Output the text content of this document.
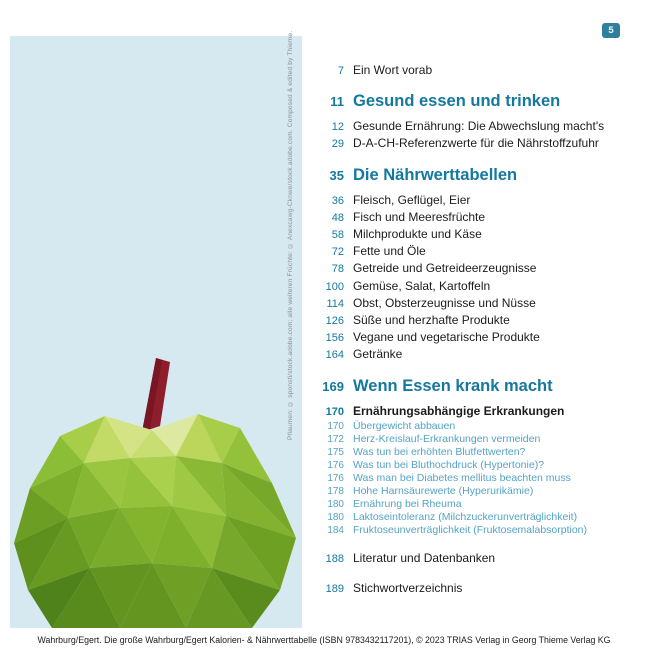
Pflaumen: © sponsti/stock.adobe.com; alle weiteren Früchte: © Anexcawg-Cknwe/stock.adobe.com. Composed & edited by Thieme.
5
7 Ein Wort vorab
11 Gesund essen und trinken
12 Gesunde Ernährung: Die Abwechslung macht's
29 D-A-CH-Referenzwerte für die Nährstoffzufuhr
35 Die Nährwerttabellen
36 Fleisch, Geflügel, Eier
48 Fisch und Meeresfrüchte
58 Milchprodukte und Käse
72 Fette und Öle
78 Getreide und Getreideerzeugnisse
100 Gemüse, Salat, Kartoffeln
114 Obst, Obsterzeugnisse und Nüsse
126 Süße und herzhafte Produkte
156 Vegane und vegetarische Produkte
164 Getränke
169 Wenn Essen krank macht
170 Ernährungsabhängige Erkrankungen
170 Übergewicht abbauen
172 Herz-Kreislauf-Erkrankungen vermeiden
175 Was tun bei erhöhten Blutfettwerten?
176 Was tun bei Bluthochdruck (Hypertonie)?
176 Was man bei Diabetes mellitus beachten muss
178 Hohe Harnsäurewerte (Hyperurikämie)
180 Ernährung bei Rheuma
180 Laktoseintoleranz (Milchzuckerunverträglichkeit)
184 Fruktoseunverträglichkeit (Fruktosemalabsorption)
188 Literatur und Datenbanken
189 Stichwortverzeichnis
Wahrburg/Egert. Die große Wahrburg/Egert Kalorien- & Nährwerttabelle (ISBN 9783432117201), © 2023 TRIAS Verlag in Georg Thieme Verlag KG
